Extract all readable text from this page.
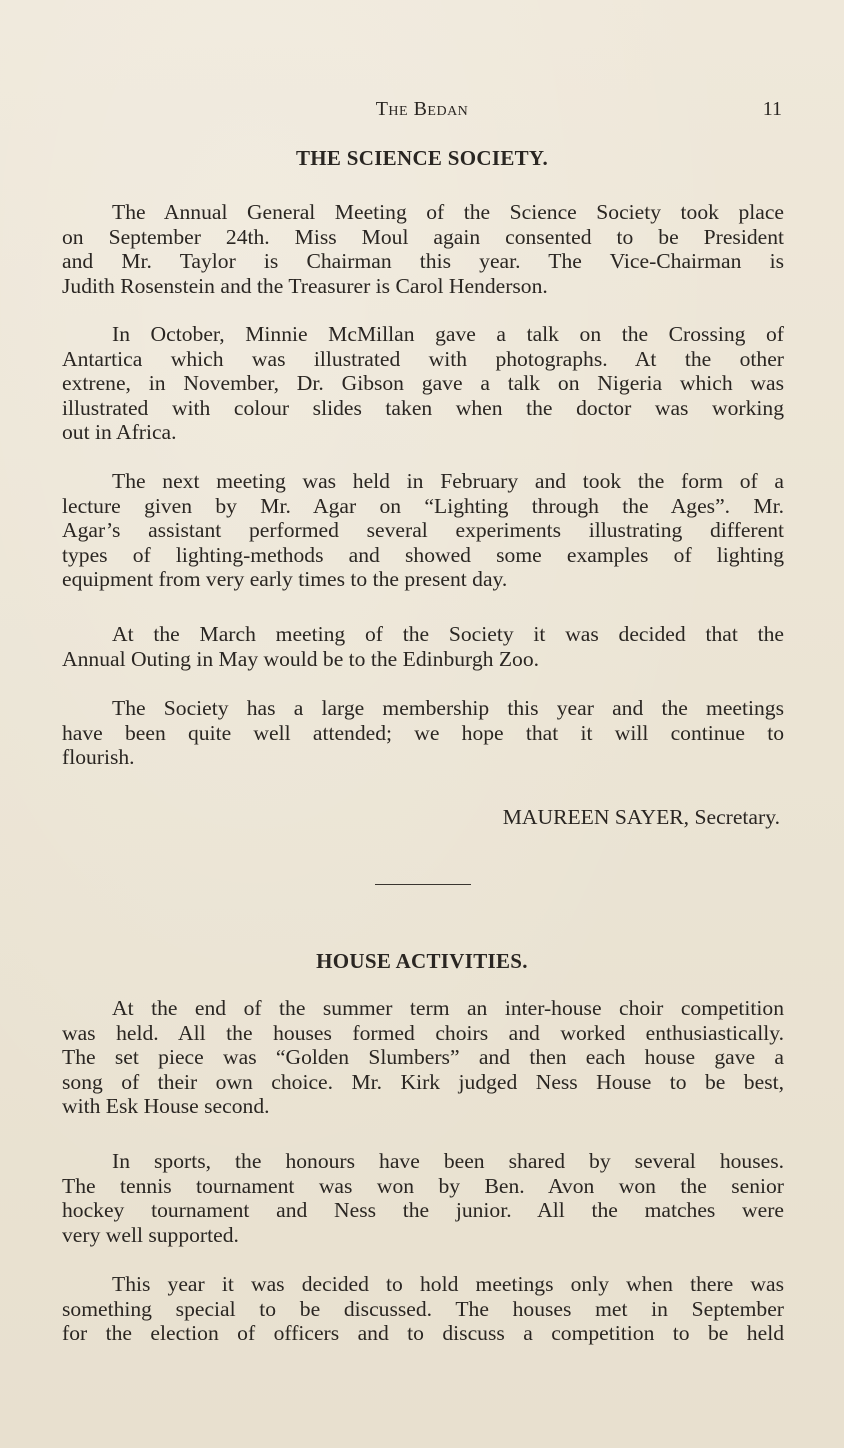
The Bedan	11
THE SCIENCE SOCIETY.

The Annual General Meeting of the Science Society took place
on September 24th. Miss Moul again consented to be President
and Mr. Taylor is Chairman this year. The Vice-Chairman is
Judith Rosenstein and the Treasurer is Carol Henderson.

In October, Minnie McMillan gave a talk on the Crossing of
Antartica which was illustrated with photographs. At the other
extrene, in November, Dr. Gibson gave a talk on Nigeria which was
illustrated with colour slides taken when the doctor was working
out in Africa.

The next meeting was held in February and took the form of a
lecture given by Mr. Agar on “Lighting through the Ages”. Mr.
Agar’s assistant performed several experiments illustrating different
types of lighting-methods and showed some examples of lighting
equipment from very early times to the present day.

At the March meeting of the Society it was decided that the
Annual Outing in May would be to the Edinburgh Zoo.

The Society has a large membership this year and the meetings
have been quite well attended; we hope that it will continue to
flourish.

MAUREEN SAYER, Secretary.
HOUSE ACTIVITIES.

At the end of the summer term an inter-house choir competition
was held. All the houses formed choirs and worked enthusiastically.
The set piece was “Golden Slumbers” and then each house gave a
song of their own choice. Mr. Kirk judged Ness House to be best,
with Esk House second.

In sports, the honours have been shared by several houses.
The tennis tournament was won by Ben. Avon won the senior
hockey tournament and Ness the junior. All the matches were
very well supported.

This year it was decided to hold meetings only when there was
something special to be discussed. The houses met in September
for the election of officers and to discuss a competition to be held
